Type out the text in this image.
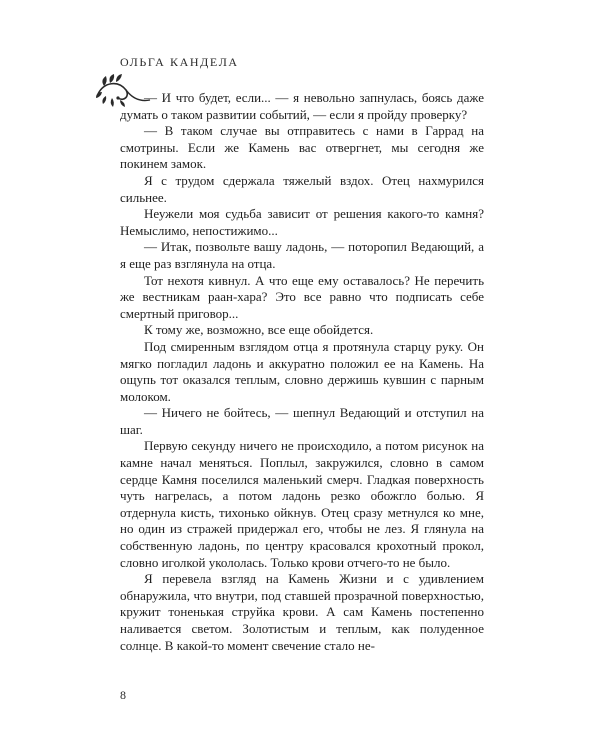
ОЛЬГА КАНДЕЛА

— И что будет, если... — я невольно запнулась, боясь даже думать о таком развитии событий, — если я пройду проверку?

— В таком случае вы отправитесь с нами в Гаррад на смотрины. Если же Камень вас отвергнет, мы сегодня же покинем замок.

Я с трудом сдержала тяжелый вздох. Отец нахмурился сильнее.

Неужели моя судьба зависит от решения какого-то камня? Немыслимо, непостижимо...

— Итак, позвольте вашу ладонь, — поторопил Ведающий, а я еще раз взглянула на отца.

Тот нехотя кивнул. А что еще ему оставалось? Не перечить же вестникам раан-хара? Это все равно что подписать себе смертный приговор...

К тому же, возможно, все еще обойдется.

Под смиренным взглядом отца я протянула старцу руку. Он мягко погладил ладонь и аккуратно положил ее на Камень. На ощупь тот оказался теплым, словно держишь кувшин с парным молоком.

— Ничего не бойтесь, — шепнул Ведающий и отступил на шаг.

Первую секунду ничего не происходило, а потом рисунок на камне начал меняться. Поплыл, закружился, словно в самом сердце Камня поселился маленький смерч. Гладкая поверхность чуть нагрелась, а потом ладонь резко обожгло болью. Я отдернула кисть, тихонько ойкнув. Отец сразу метнулся ко мне, но один из стражей придержал его, чтобы не лез. Я глянула на собственную ладонь, по центру красовался крохотный прокол, словно иголкой укололась. Только крови отчего-то не было.

Я перевела взгляд на Камень Жизни и с удивлением обнаружила, что внутри, под ставшей прозрачной поверхностью, кружит тоненькая струйка крови. А сам Камень постепенно наливается светом. Золотистым и теплым, как полуденное солнце. В какой-то момент свечение стало не-

8
